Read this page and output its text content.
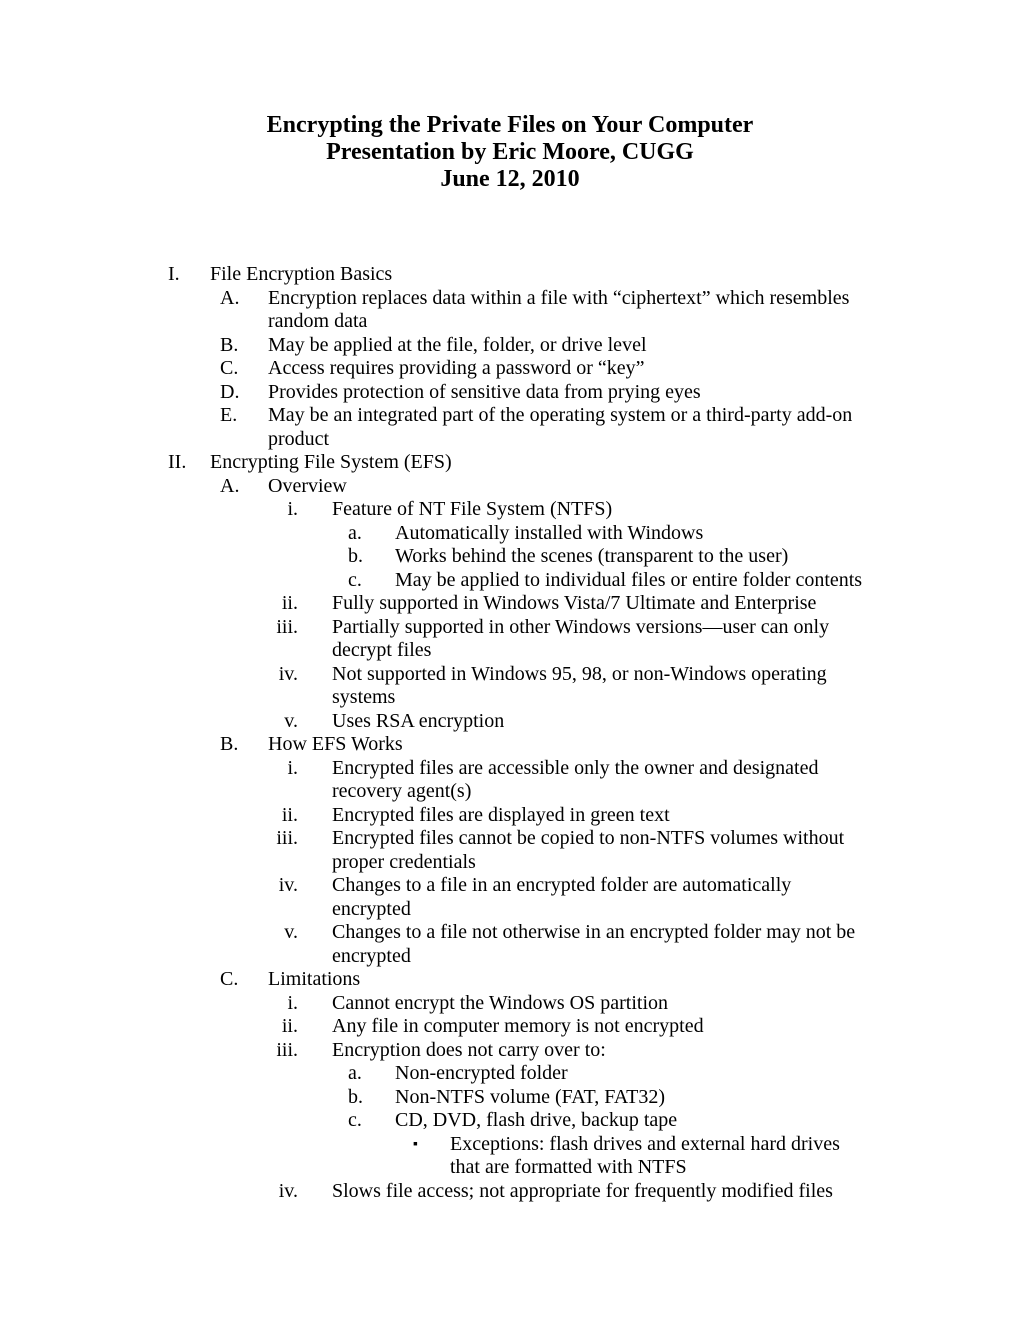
Encrypting the Private Files on Your Computer
Presentation by Eric Moore, CUGG
June 12, 2010
I.	File Encryption Basics
A.	Encryption replaces data within a file with “ciphertext” which resembles
random data
B.	May be applied at the file, folder, or drive level
C.	Access requires providing a password or “key”
D.	Provides protection of sensitive data from prying eyes
E.	May be an integrated part of the operating system or a third-party add-on
product
II.	Encrypting File System (EFS)
A.	Overview
i. Feature of NT File System (NTFS)
a.	Automatically installed with Windows
b.	Works behind the scenes (transparent to the user)
c.	May be applied to individual files or entire folder contents
ii. Fully supported in Windows Vista/7 Ultimate and Enterprise
iii. Partially supported in other Windows versions—user can only
decrypt files
iv. Not supported in Windows 95, 98, or non-Windows operating
systems
v. Uses RSA encryption
B.	How EFS Works
i. Encrypted files are accessible only the owner and designated
recovery agent(s)
ii. Encrypted files are displayed in green text
iii. Encrypted files cannot be copied to non-NTFS volumes without
proper credentials
iv. Changes to a file in an encrypted folder are automatically
encrypted
v. Changes to a file not otherwise in an encrypted folder may not be
encrypted
C.	Limitations
i. Cannot encrypt the Windows OS partition
ii. Any file in computer memory is not encrypted
iii. Encryption does not carry over to:
a.	Non-encrypted folder
b.	Non-NTFS volume (FAT, FAT32)
c.	CD, DVD, flash drive, backup tape
▪	Exceptions: flash drives and external hard drives
that are formatted with NTFS
iv. Slows file access; not appropriate for frequently modified files
